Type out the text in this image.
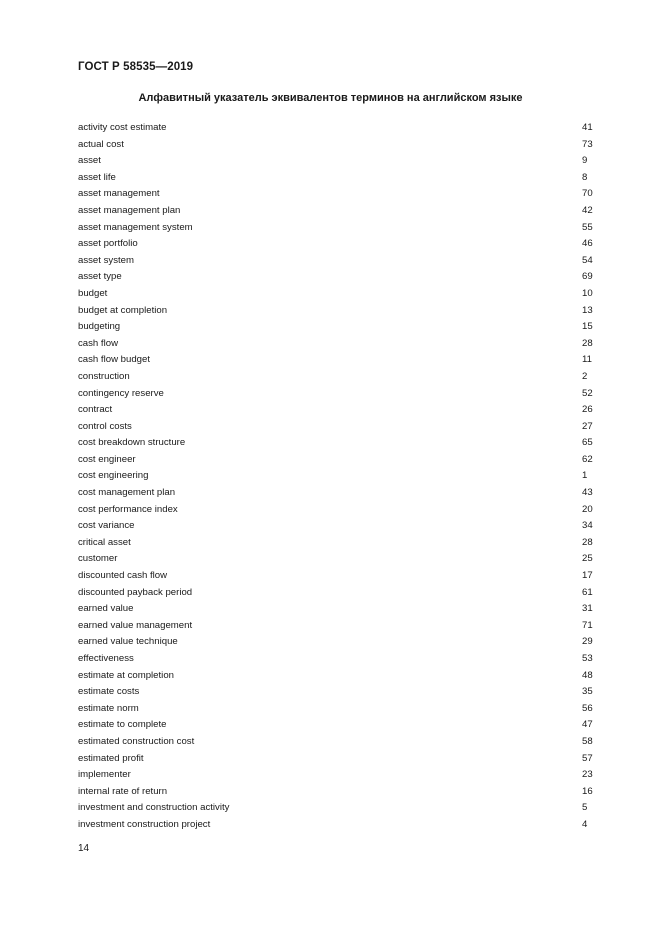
ГОСТ Р 58535—2019
Алфавитный указатель эквивалентов терминов на английском языке
activity cost estimate	41
actual cost	73
asset	9
asset life	8
asset management	70
asset management plan	42
asset management system	55
asset portfolio	46
asset system	54
asset type	69
budget	10
budget at completion	13
budgeting	15
cash flow	28
cash flow budget	11
construction	2
contingency reserve	52
contract	26
control costs	27
cost breakdown structure	65
cost engineer	62
cost engineering	1
cost management plan	43
cost performance index	20
cost variance	34
critical asset	28
customer	25
discounted cash flow	17
discounted payback period	61
earned value	31
earned value management	71
earned value technique	29
effectiveness	53
estimate at completion	48
estimate costs	35
estimate norm	56
estimate to complete	47
estimated construction cost	58
estimated profit	57
implementer	23
internal rate of return	16
investment and construction activity	5
investment construction project	4
14
